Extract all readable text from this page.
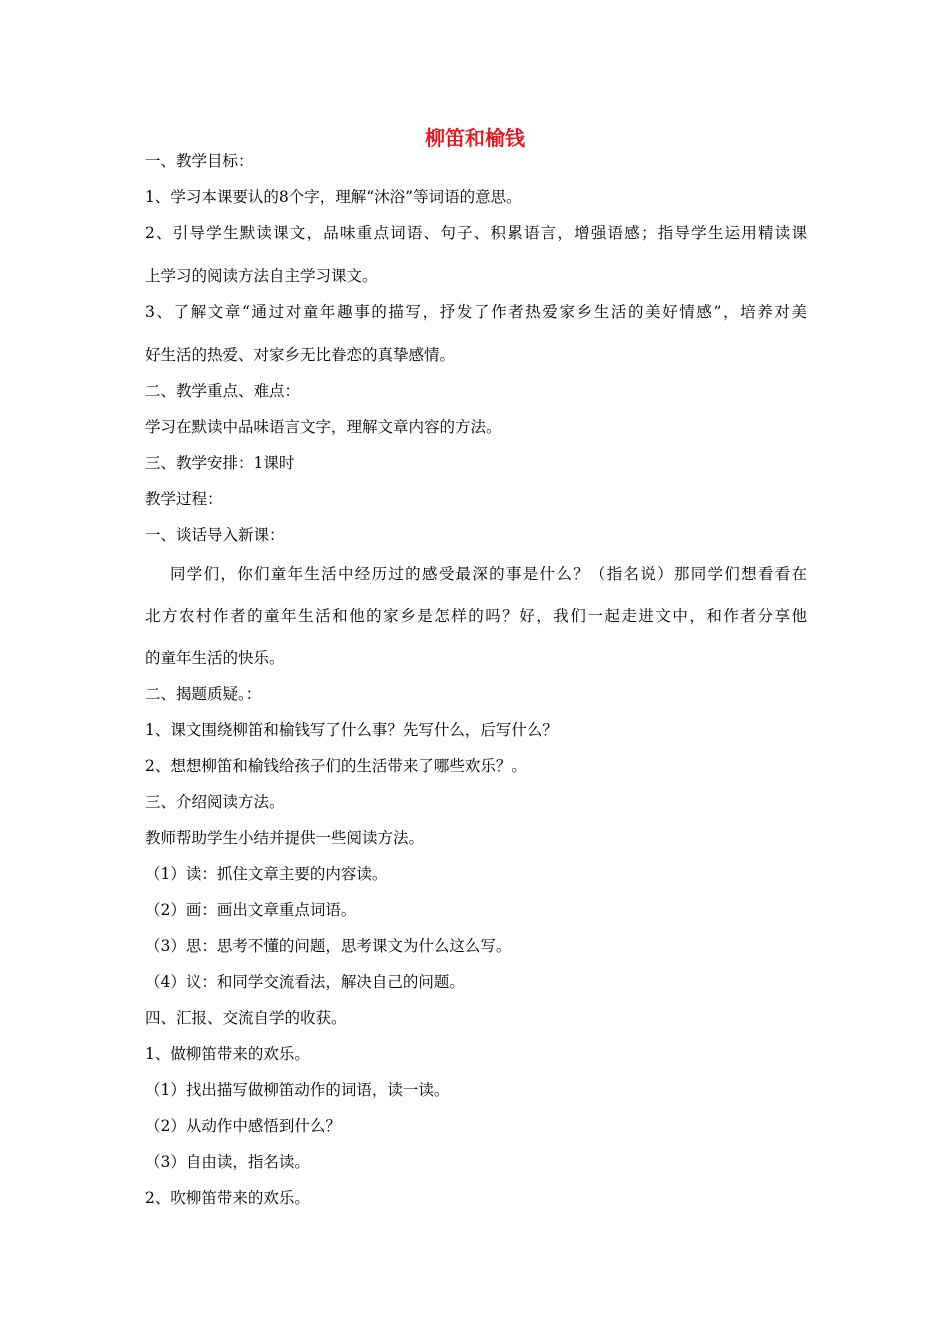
柳笛和榆钱

一、教学目标：

1、学习本课要认的8个字，理解“沐浴”等词语的意思。

2、引导学生默读课文，品味重点词语、句子、积累语言，增强语感；指导学生运用精读课

上学习的阅读方法自主学习课文。

3、了解文章“通过对童年趣事的描写，抒发了作者热爱家乡生活的美好情感”，培养对美

好生活的热爱、对家乡无比眷恋的真挚感情。

二、教学重点、难点：

学习在默读中品味语言文字，理解文章内容的方法。

三、教学安排：1课时

教学过程：

一、谈话导入新课：

同学们，你们童年生活中经历过的感受最深的事是什么？（指名说）那同学们想看看在

北方农村作者的童年生活和他的家乡是怎样的吗？好，我们一起走进文中，和作者分享他

的童年生活的快乐。

二、揭题质疑。：

1、课文围绕柳笛和榆钱写了什么事？先写什么，后写什么？

2、想想柳笛和榆钱给孩子们的生活带来了哪些欢乐？。

三、介绍阅读方法。

教师帮助学生小结并提供一些阅读方法。

（1）读：抓住文章主要的内容读。

（2）画：画出文章重点词语。

（3）思：思考不懂的问题，思考课文为什么这么写。

（4）议：和同学交流看法，解决自己的问题。

四、汇报、交流自学的收获。

1、做柳笛带来的欢乐。

（1）找出描写做柳笛动作的词语，读一读。

（2）从动作中感悟到什么？

（3）自由读，指名读。

2、吹柳笛带来的欢乐。
